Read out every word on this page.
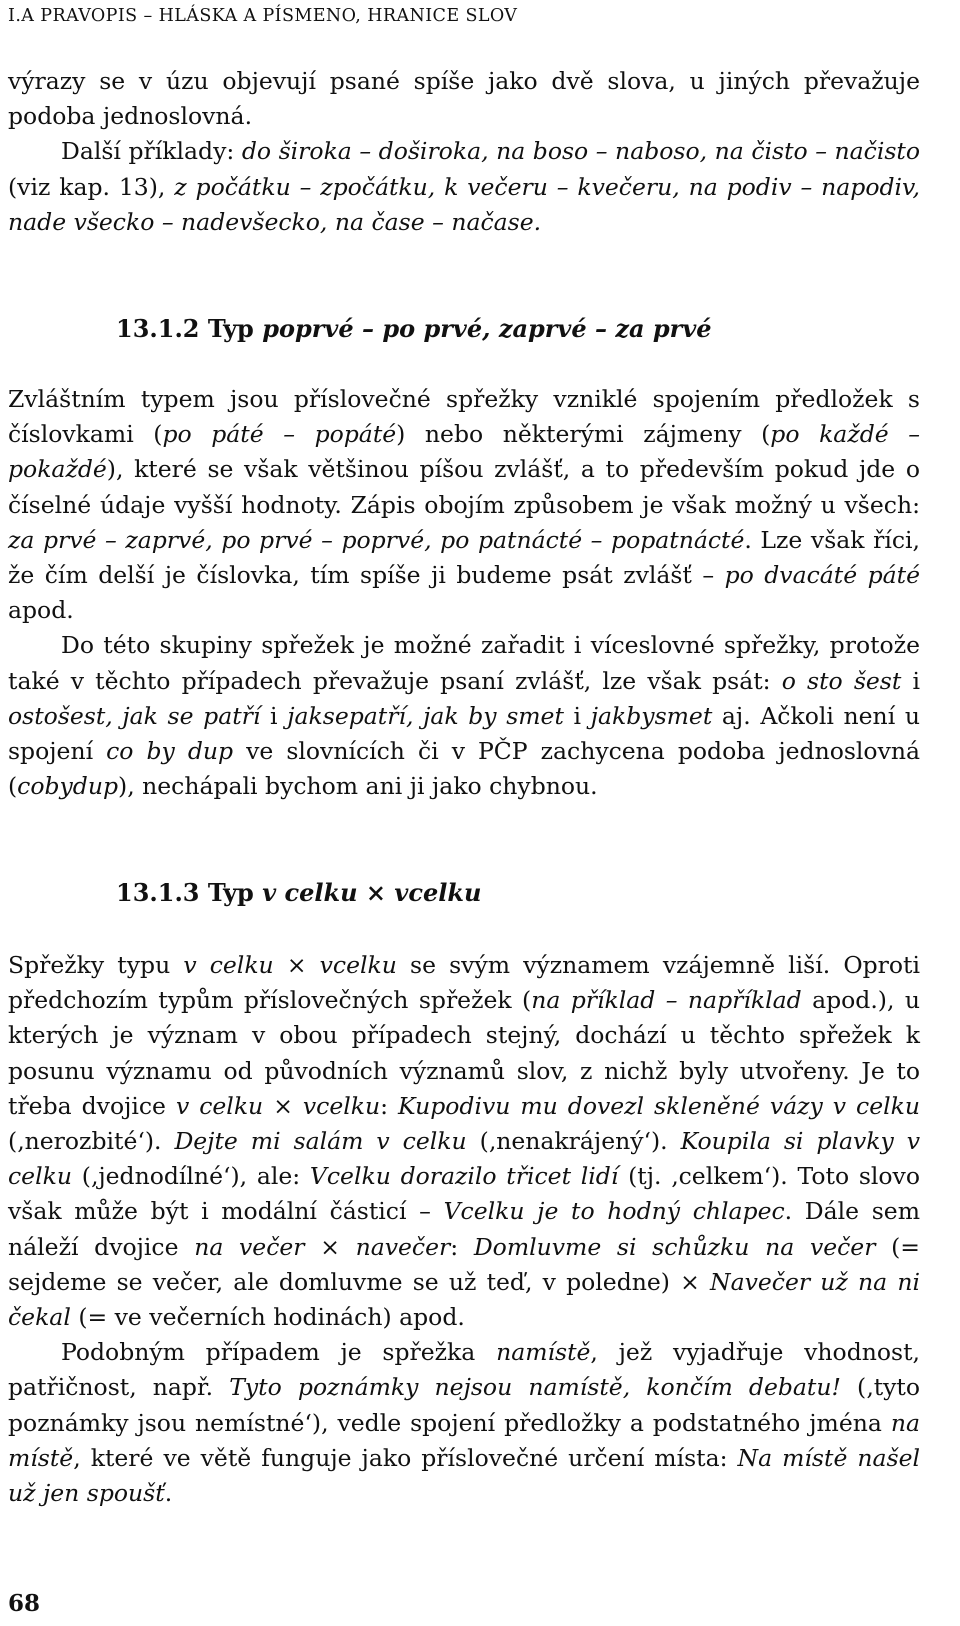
I.A PRAVOPIS – HLÁSKA A PÍSMENO, HRANICE SLOV

výrazy se v úzu objevují psané spíše jako dvě slova, u jiných převažuje podoba jednoslovná.

Další příklady: do široka – doširoka, na boso – naboso, na čisto – načisto (viz kap. 13), z počátku – zpočátku, k večeru – kvečeru, na podiv – napodiv, nade všecko – nadevšecko, na čase – načase.

13.1.2 Typ poprvé – po prvé, zaprvé – za prvé

Zvláštním typem jsou příslovečné spřežky vzniklé spojením předložek s číslovkami (po páté – popáté) nebo některými zájmeny (po každé – pokaždé), které se však většinou píšou zvlášť, a to především pokud jde o číselné údaje vyšší hodnoty. Zápis obojím způsobem je však možný u všech: za prvé – zaprvé, po prvé – poprvé, po patnácté – popatnácté. Lze však říci, že čím delší je číslovka, tím spíše ji budeme psát zvlášť – po dvacáté páté apod.

Do této skupiny spřežek je možné zařadit i víceslovné spřežky, protože také v těchto případech převažuje psaní zvlášť, lze však psát: o sto šest i ostošest, jak se patří i jaksepatří, jak by smet i jakbysmet aj. Ačkoli není u spojení co by dup ve slovnících či v PČP zachycena podoba jednoslovná (cobydup), nechápali bychom ani ji jako chybnou.

13.1.3 Typ v celku × vcelku

Spřežky typu v celku × vcelku se svým významem vzájemně liší. Oproti předchozím typům příslovečných spřežek (na příklad – například apod.), u kterých je význam v obou případech stejný, dochází u těchto spřežek k posunu významu od původních významů slov, z nichž byly utvořeny. Je to třeba dvojice v celku × vcelku: Kupodivu mu dovezl skleněné vázy v celku (‚nerozbité‘). Dejte mi salám v celku (‚nenakrájený‘). Koupila si plavky v celku (‚jednodílné‘), ale: Vcelku dorazilo třicet lidí (tj. ‚celkem‘). Toto slovo však může být i modální částicí – Vcelku je to hodný chlapec. Dále sem náleží dvojice na večer × navečer: Domluvme si schůzku na večer (= sejdeme se večer, ale domluvme se už teď, v poledne) × Navečer už na ni čekal (= ve večerních hodinách) apod.

Podobným případem je spřežka namístě, jež vyjadřuje vhodnost, patřičnost, např. Tyto poznámky nejsou namístě, končím debatu! (‚tyto poznámky jsou nemístné‘), vedle spojení předložky a podstatného jména na místě, které ve větě funguje jako příslovečné určení místa: Na místě našel už jen spoušť.

68
